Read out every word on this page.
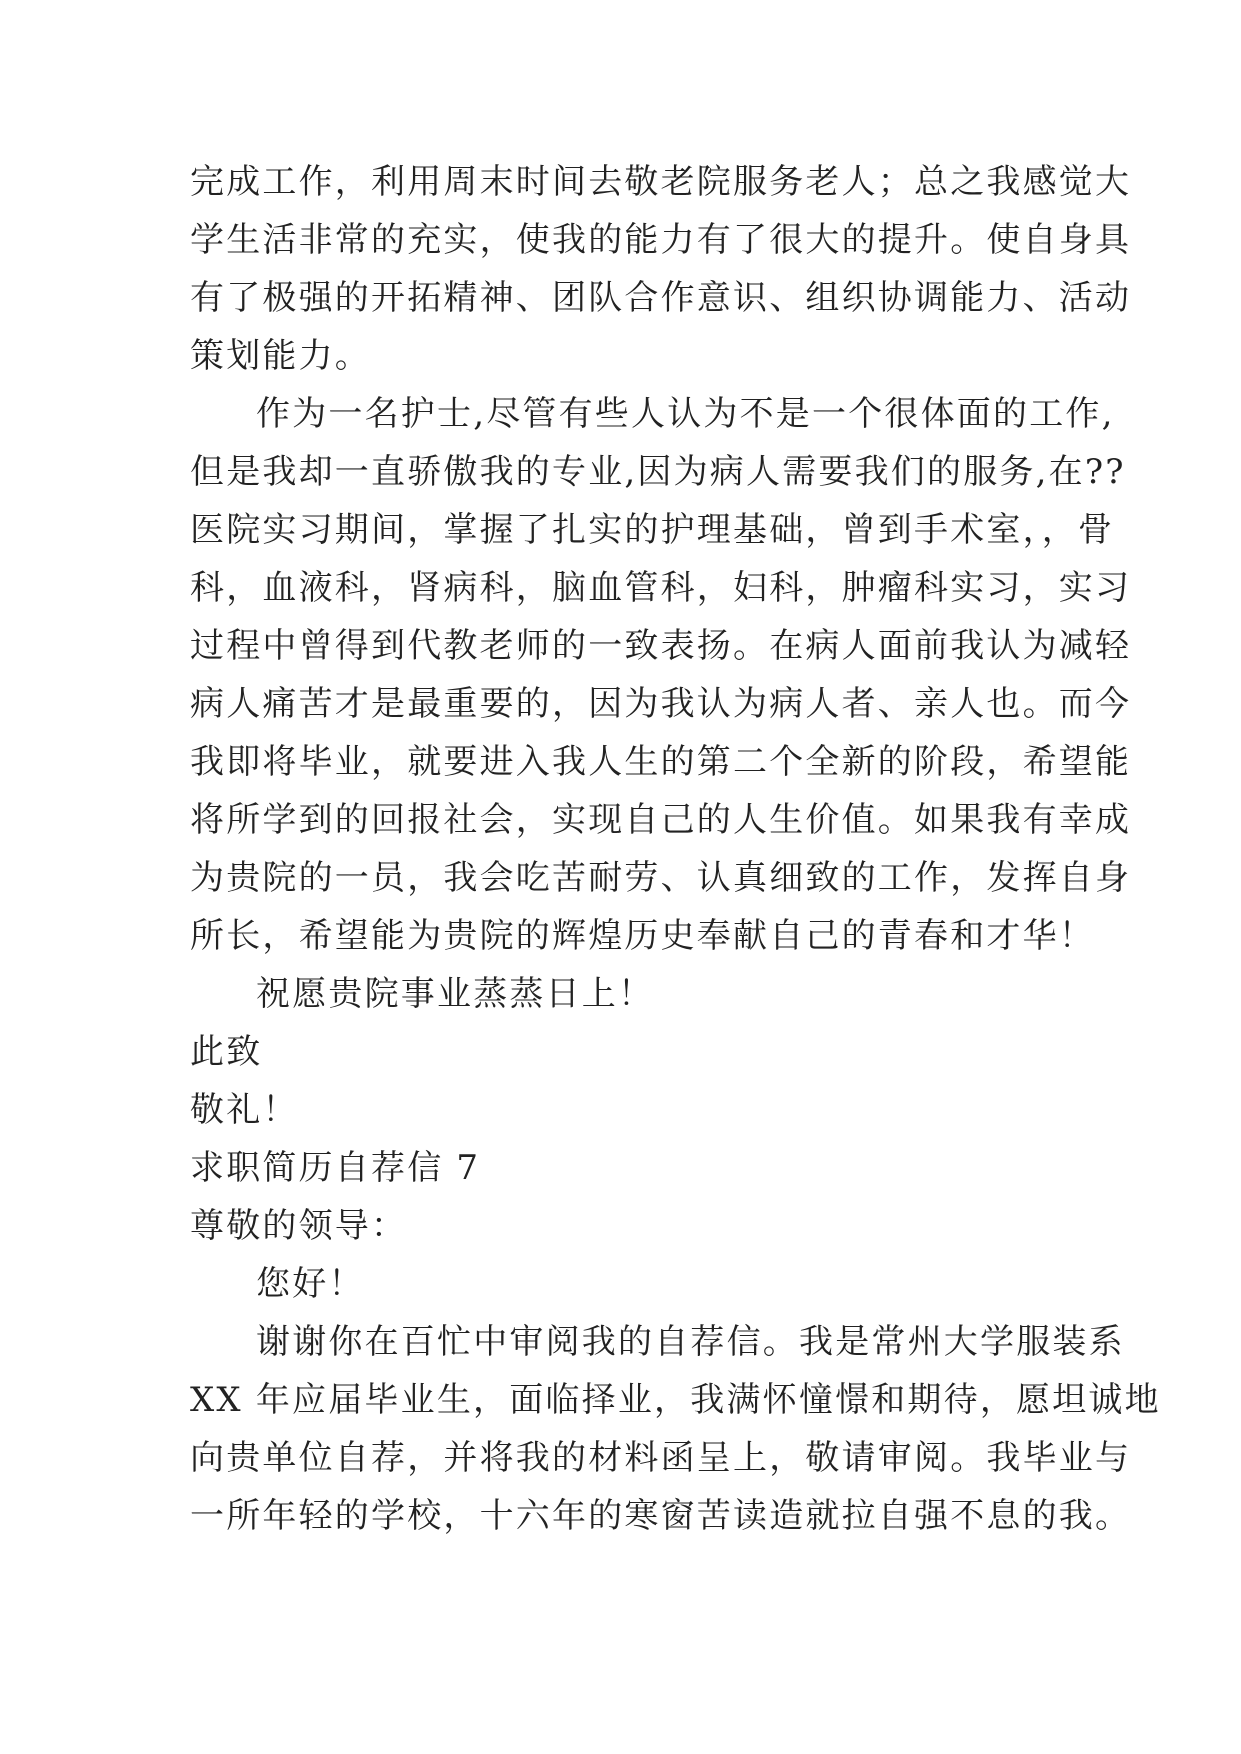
完成工作，利用周末时间去敬老院服务老人；总之我感觉大
学生活非常的充实，使我的能力有了很大的提升。使自身具
有了极强的开拓精神、团队合作意识、组织协调能力、活动
策划能力。
作为一名护士,尽管有些人认为不是一个很体面的工作,
但是我却一直骄傲我的专业,因为病人需要我们的服务,在??
医院实习期间，掌握了扎实的护理基础，曾到手术室，，骨
科，血液科，肾病科，脑血管科，妇科，肿瘤科实习，实习
过程中曾得到代教老师的一致表扬。在病人面前我认为减轻
病人痛苦才是最重要的，因为我认为病人者、亲人也。而今
我即将毕业，就要进入我人生的第二个全新的阶段，希望能
将所学到的回报社会，实现自己的人生价值。如果我有幸成
为贵院的一员，我会吃苦耐劳、认真细致的工作，发挥自身
所长，希望能为贵院的辉煌历史奉献自己的青春和才华！
祝愿贵院事业蒸蒸日上！
此致
敬礼！
求职简历自荐信 7
尊敬的领导：
您好！
谢谢你在百忙中审阅我的自荐信。我是常州大学服装系
XX 年应届毕业生，面临择业，我满怀憧憬和期待，愿坦诚地
向贵单位自荐，并将我的材料函呈上，敬请审阅。我毕业与
一所年轻的学校，十六年的寒窗苦读造就拉自强不息的我。
